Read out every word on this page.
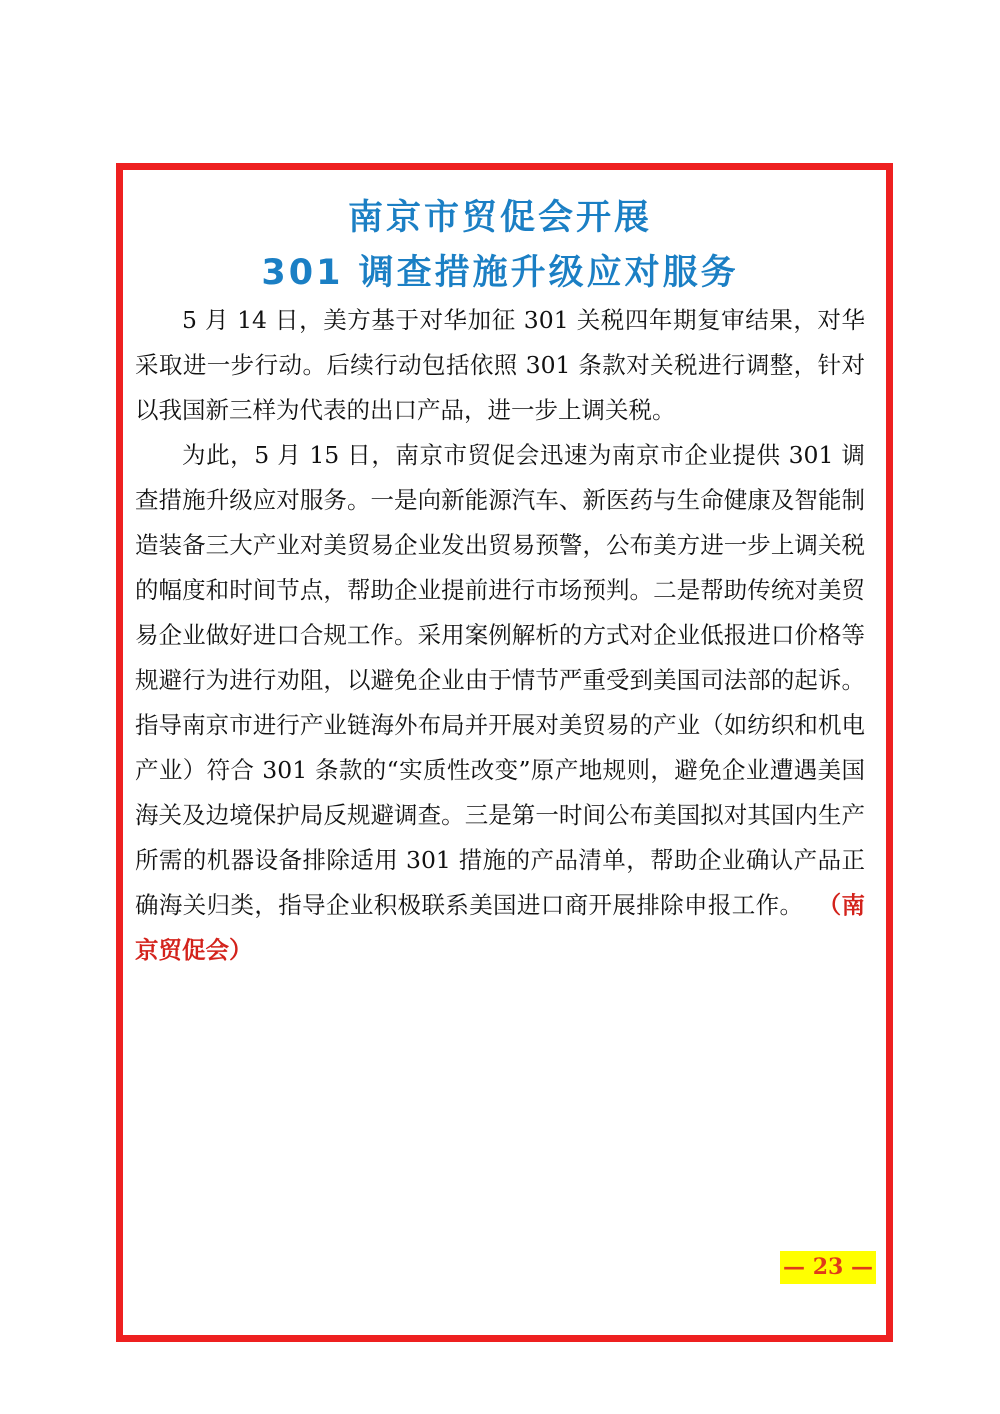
南京市贸促会开展
301 调查措施升级应对服务

5 月 14 日，美方基于对华加征 301 关税四年期复审结果，对华采取进一步行动。后续行动包括依照 301 条款对关税进行调整，针对以我国新三样为代表的出口产品，进一步上调关税。

为此，5 月 15 日，南京市贸促会迅速为南京市企业提供 301 调查措施升级应对服务。一是向新能源汽车、新医药与生命健康及智能制造装备三大产业对美贸易企业发出贸易预警，公布美方进一步上调关税的幅度和时间节点，帮助企业提前进行市场预判。二是帮助传统对美贸易企业做好进口合规工作。采用案例解析的方式对企业低报进口价格等规避行为进行劝阻，以避免企业由于情节严重受到美国司法部的起诉。指导南京市进行产业链海外布局并开展对美贸易的产业（如纺织和机电产业）符合 301 条款的“实质性改变”原产地规则，避免企业遭遇美国海关及边境保护局反规避调查。三是第一时间公布美国拟对其国内生产所需的机器设备排除适用 301 措施的产品清单，帮助企业确认产品正确海关归类，指导企业积极联系美国进口商开展排除申报工作。 （南京贸促会）

— 23 —
